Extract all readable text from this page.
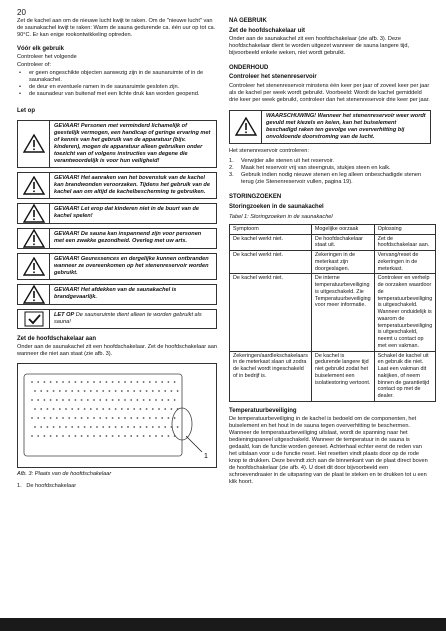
20

Zet de kachel aan om de nieuwe lucht kwijt te raken. Om de "nieuwe lucht" van de saunakachel kwijt te raken: Warm de sauna gedurende ca. één uur op tot ca. 90°C. Er kan enige rookontwikkeling optreden.

Vóór elk gebruik

Controleer het volgende

Controleer of:

• er geen ongeschikte objecten aanwezig zijn in de saunaruimte of in de saunakachel.
• de deur en eventuele ramen in de saunaruimte gesloten zijn.
• de saunadeur van buitenaf met een lichte druk kan worden geopend.
Let op
GEVAAR! Personen met verminderd lichamelijk of geestelijk vermogen, een handicap of geringe ervaring met of kennis van het gebruik van de apparatuur (bijv. kinderen), mogen de apparatuur alleen gebruiken onder toezicht van of volgens instructies van degene die verantwoordelijk is voor hun veiligheid!
GEVAAR! Het aanraken van het bovenstuk van de kachel kan brandwonden veroorzaken. Tijdens het gebruik van de kachel aan om altijd de kachelbescherming te gebruiken.
GEVAAR! Let erop dat kinderen niet in de buurt van de kachel spelen!
GEVAAR! De sauna kan inspannend zijn voor personen met een zwakke gezondheid. Overleg met uw arts.
GEVAAR! Geuressences en dergelijke kunnen ontbranden wanneer ze overeenkomen op het stenenreservoir worden gebruikt.
GEVAAR! Het afdekken van de saunakachel is brandgevaarlijk.
LET OP De saunaruimte dient alleen te worden gebruikt als sauna!
Zet de hoofdschakelaar aan

Onder aan de saunakachel zit een hoofdschakelaar. Zet de hoofdschakelaar aan wanneer die niet aan staat (zie afb. 3).

1

Afb. 3: Plaats van de hoofdschakelaar

1. De hoofdschakelaar

NA GEBRUIK
Zet de hoofdschakelaar uit

Onder aan de saunakachel zit een hoofdschakelaar (zie afb. 3). Deze hoofdschakelaar dient te worden uitgezet wanneer de sauna langere tijd, bijvoorbeeld enkele weken, niet wordt gebruikt.

ONDERHOUD
Controleer het stenenreservoir

Controleer het stenenreservoir minstens één keer per jaar of zoveel keer per jaar als de kachel per week wordt gebruikt. Voorbeeld: Wordt de kachel gemiddeld drie keer per week gebruikt, controleer dan het stenenreservoir drie keer per jaar.

WAARSCHUWING! Wanneer het stenenreservoir weer wordt gevuld met kiezels en keien, kan het buiselement beschadigd raken ten gevolge van oververhitting bij onvoldoende doorstroming van de lucht.

Het stenenreservoir controleren:

1. Verwijder alle stenen uit het reservoir.
2. Maak het reservoir vrij van steengruis, stukjes steen en kalk.
3. Gebruik indien nodig nieuwe stenen en leg alleen onbeschadigde stenen terug (zie Stenenreservoir vullen, pagina 19).
STORINGZOEKEN
Storingzoeken in de saunakachel

Tabel 1: Storingzoeken in de saunakachel

Symptoom	Mogelijke oorzaak	Oplossing
De kachel werkt niet.	De hoofdschakelaar staat uit.	Zet de hoofdschakelaar aan.
De kachel werkt niet.	Zekeringen in de meterkast zijn doorgeslagen.	Vervang/reset de zekeringen in de meterkast.
De kachel werkt niet.	De interne temperatuurbeveiliging is uitgeschakeld. Zie Temperatuurbeveiliging voor meer informatie.	Controleer en verhelp de oorzaken waardoor de temperatuurbeveiliging is uitgeschakeld. Wanneer onduidelijk is waarom de temperatuurbeveiliging is uitgeschakeld, neemt u contact op met een vakman.
Zekeringen/aardlekschakelaars in de meterkast slaan uit zodra de kachel wordt ingeschakeld of in bedrijf is.	De kachel is gedurende langere tijd niet gebruikt zodat het buiselement een isolatiestoring vertoont.	Schakel de kachel uit en gebruik die niet. Laat een vakman dit nakijken, of neem binnen de garantietijd contact op met de dealer.
Temperatuurbeveiliging

De temperatuurbeveiliging in de kachel is bedoeld om de componenten, het buiselement en het hout in de sauna tegen oververhitting te beschermen. Wanneer de temperatuurbeveiliging uitslaat, wordt de spanning naar het bedieningspaneel uitgeschakeld. Wanneer de temperatuur in de sauna is gedaald, kan de functie worden gereset. Achterhaal echter eerst de reden van het uitslaan voor u de functie reset. Het resetten vindt plaats door op de rode knop te drukken. Deze bevindt zich aan de binnenkant van de plaat direct boven de hoofdschakelaar (zie afb. 4). U doet dit door bijvoorbeeld een schroevendraaier in de uitsparing van de plaat te steken en te drukken tot u een klik hoort.
